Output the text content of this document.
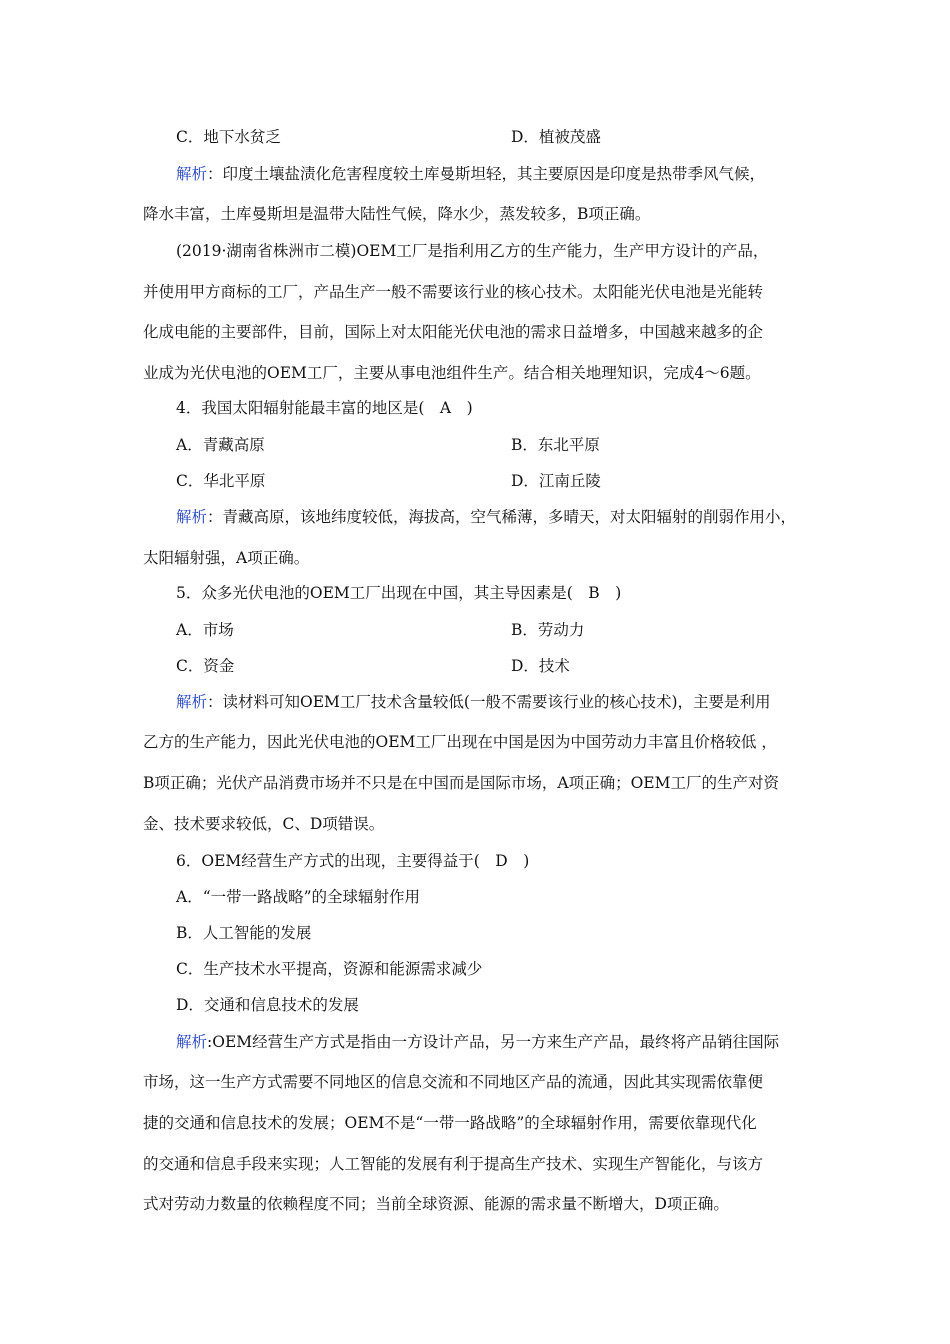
C．地下水贫乏	D．植被茂盛
解析：印度土壤盐渍化危害程度较土库曼斯坦轻，其主要原因是印度是热带季风气候，
降水丰富，土库曼斯坦是温带大陆性气候，降水少，蒸发较多，B项正确。
(2019·湖南省株洲市二模)OEM工厂是指利用乙方的生产能力，生产甲方设计的产品，
并使用甲方商标的工厂，产品生产一般不需要该行业的核心技术。太阳能光伏电池是光能转
化成电能的主要部件，目前，国际上对太阳能光伏电池的需求日益增多，中国越来越多的企
业成为光伏电池的OEM工厂，主要从事电池组件生产。结合相关地理知识，完成4～6题。
4．我国太阳辐射能最丰富的地区是(　A　)
A．青藏高原	B．东北平原
C．华北平原	D．江南丘陵
解析：青藏高原，该地纬度较低，海拔高，空气稀薄，多晴天，对太阳辐射的削弱作用小，
太阳辐射强，A项正确。
5．众多光伏电池的OEM工厂出现在中国，其主导因素是(　B　)
A．市场	B．劳动力
C．资金	D．技术
解析：读材料可知OEM工厂技术含量较低(一般不需要该行业的核心技术)，主要是利用
乙方的生产能力，因此光伏电池的OEM工厂出现在中国是因为中国劳动力丰富且价格较低 ，
B项正确；光伏产品消费市场并不只是在中国而是国际市场，A项正确；OEM工厂的生产对资
金、技术要求较低，C、D项错误。
6．OEM经营生产方式的出现，主要得益于(　D　)
A．“一带一路战略”的全球辐射作用
B．人工智能的发展
C．生产技术水平提高，资源和能源需求减少
D．交通和信息技术的发展
解析:OEM经营生产方式是指由一方设计产品，另一方来生产产品，最终将产品销往国际
市场，这一生产方式需要不同地区的信息交流和不同地区产品的流通，因此其实现需依靠便
捷的交通和信息技术的发展；OEM不是“一带一路战略”的全球辐射作用，需要依靠现代化
的交通和信息手段来实现；人工智能的发展有利于提高生产技术、实现生产智能化，与该方
式对劳动力数量的依赖程度不同；当前全球资源、能源的需求量不断增大，D项正确。
